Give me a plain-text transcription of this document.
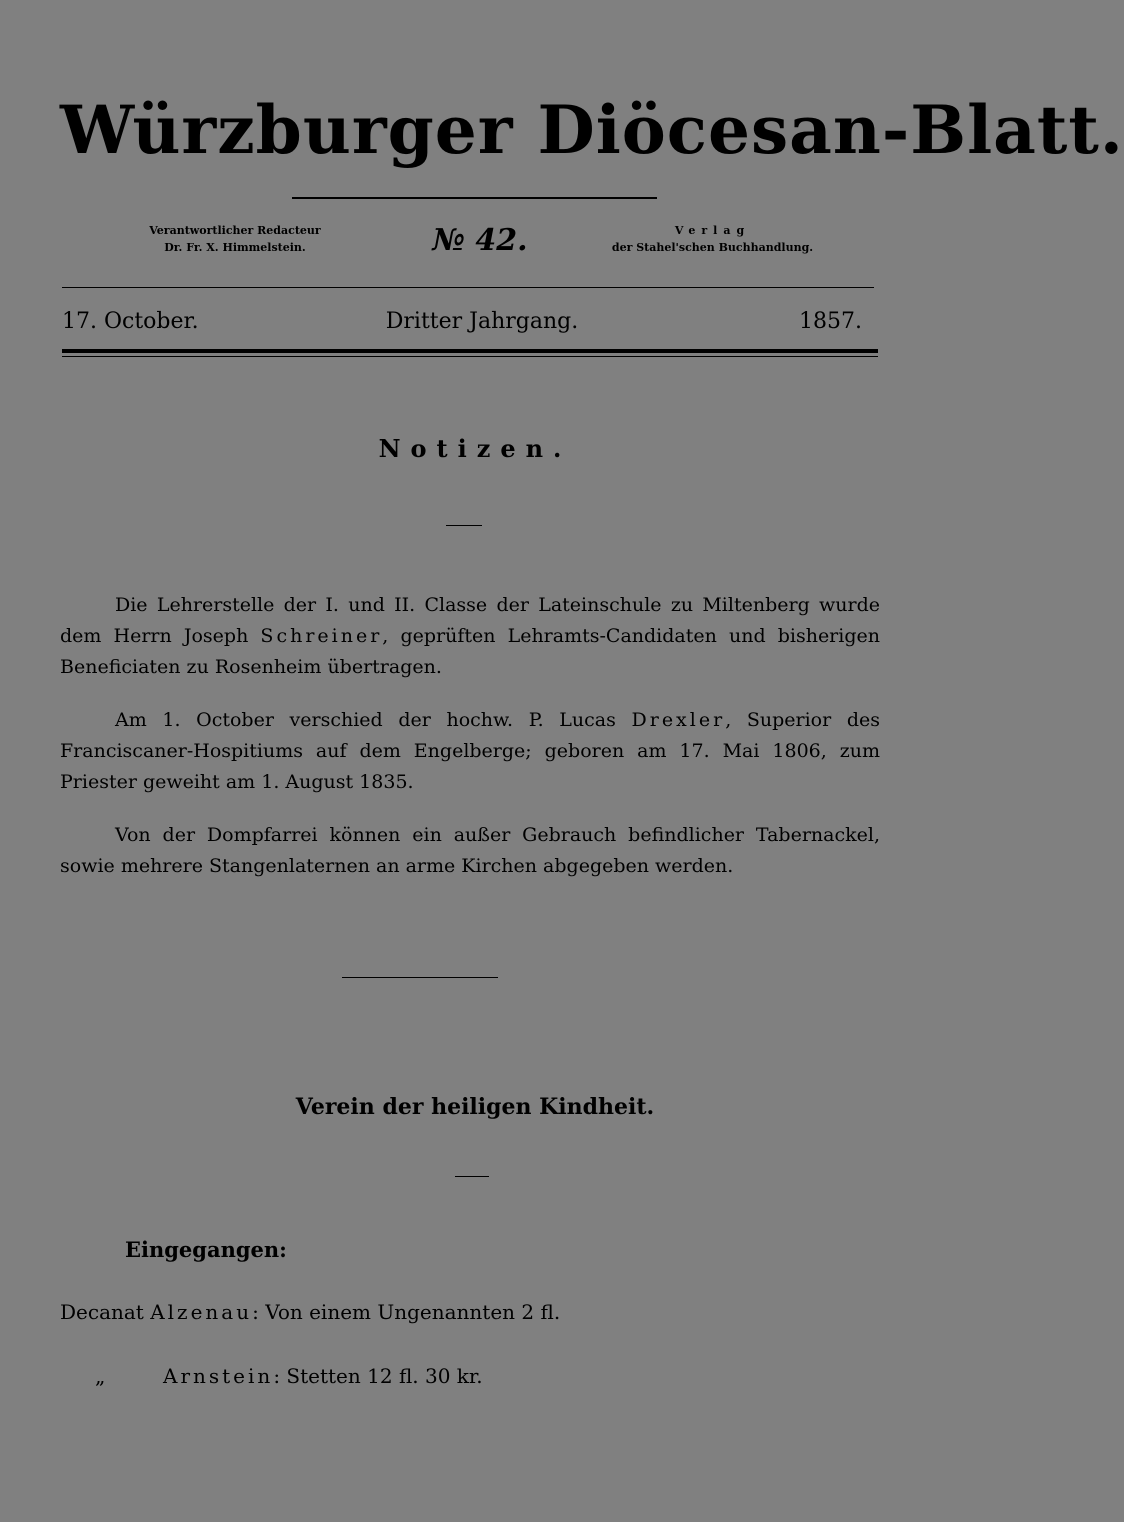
Würzburger Diöcesan-Blatt.
Verantwortlicher Redacteur
Dr. Fr. X. Himmelstein.	№ 42.	Verlag
der Stahel'schen Buchhandlung.
17. October.	Dritter Jahrgang.	1857.
Notizen.

Die Lehrerstelle der I. und II. Classe der Lateinschule zu Miltenberg wurde dem Herrn Joseph Schreiner, geprüften Lehramts-Candidaten und bisherigen Beneficiaten zu Rosenheim übertragen.

Am 1. October verschied der hochw. P. Lucas Drexler, Superior des Franciscaner-Hospitiums auf dem Engelberge; geboren am 17. Mai 1806, zum Priester geweiht am 1. August 1835.

Von der Dompfarrei können ein außer Gebrauch befindlicher Tabernackel, sowie mehrere Stangenlaternen an arme Kirchen abgegeben werden.

Verein der heiligen Kindheit.
Eingegangen:
Decanat Alzenau: Von einem Ungenannten 2 fl.
„	Arnstein: Stetten 12 fl. 30 kr.
